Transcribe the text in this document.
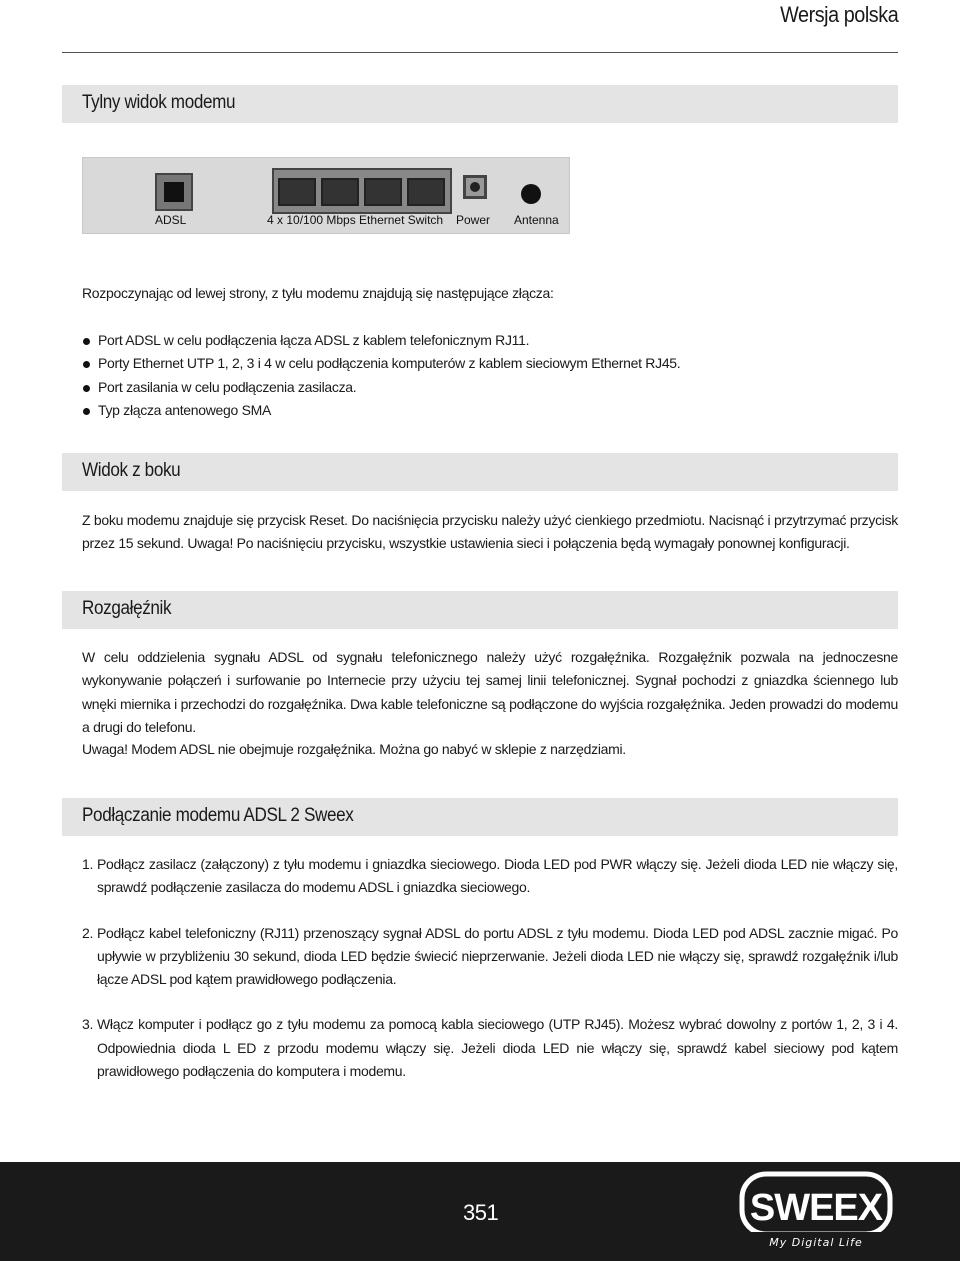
Wersja polska
Tylny widok modemu
ADSL	4 x 10/100 Mbps Ethernet Switch Power Antenna

Rozpoczynając od lewej strony, z tyłu modemu znajdują się następujące złącza:

Port ADSL w celu podłączenia łącza ADSL z kablem telefonicznym RJ11.
Porty Ethernet UTP 1, 2, 3 i 4 w celu podłączenia komputerów z kablem sieciowym Ethernet RJ45.
Port zasilania w celu podłączenia zasilacza.
Typ złącza antenowego SMA
Widok z boku

Z boku modemu znajduje się przycisk Reset. Do naciśnięcia przycisku należy użyć cienkiego przedmiotu. Nacisnąć i przytrzymać przycisk przez 15 sekund. Uwaga! Po naciśnięciu przycisku, wszystkie ustawienia sieci i połączenia będą wymagały ponownej konfiguracji.

Rozgałęźnik

W celu oddzielenia sygnału ADSL od sygnału telefonicznego należy użyć rozgałęźnika. Rozgałęźnik pozwala na jednoczesne wykonywanie połączeń i surfowanie po Internecie przy użyciu tej samej linii telefonicznej. Sygnał pochodzi z gniazdka ściennego lub wnęki miernika i przechodzi do rozgałęźnika. Dwa kable telefoniczne są podłączone do wyjścia rozgałęźnika. Jeden prowadzi do modemu a drugi do telefonu.

Uwaga! Modem ADSL nie obejmuje rozgałęźnika. Można go nabyć w sklepie z narzędziami.

Podłączanie modemu ADSL 2 Sweex
1. Podłącz zasilacz (załączony) z tyłu modemu i gniazdka sieciowego. Dioda LED pod PWR włączy się. Jeżeli dioda LED nie włączy się, sprawdź podłączenie zasilacza do modemu ADSL i gniazdka sieciowego.
2. Podłącz kabel telefoniczny (RJ11) przenoszący sygnał ADSL do portu ADSL z tyłu modemu. Dioda LED pod ADSL zacznie migać. Po upływie w przybliżeniu 30 sekund, dioda LED będzie świecić nieprzerwanie. Jeżeli dioda LED nie włączy się, sprawdź rozgałęźnik i/lub łącze ADSL pod kątem prawidłowego podłączenia.
3. Włącz komputer i podłącz go z tyłu modemu za pomocą kabla sieciowego (UTP RJ45). Możesz wybrać dowolny z portów 1, 2, 3 i 4. Odpowiednia dioda L ED z przodu modemu włączy się. Jeżeli dioda LED nie włączy się, sprawdź kabel sieciowy pod kątem prawidłowego podłączenia do komputera i modemu.
351	SWEEX
My Digital Life
